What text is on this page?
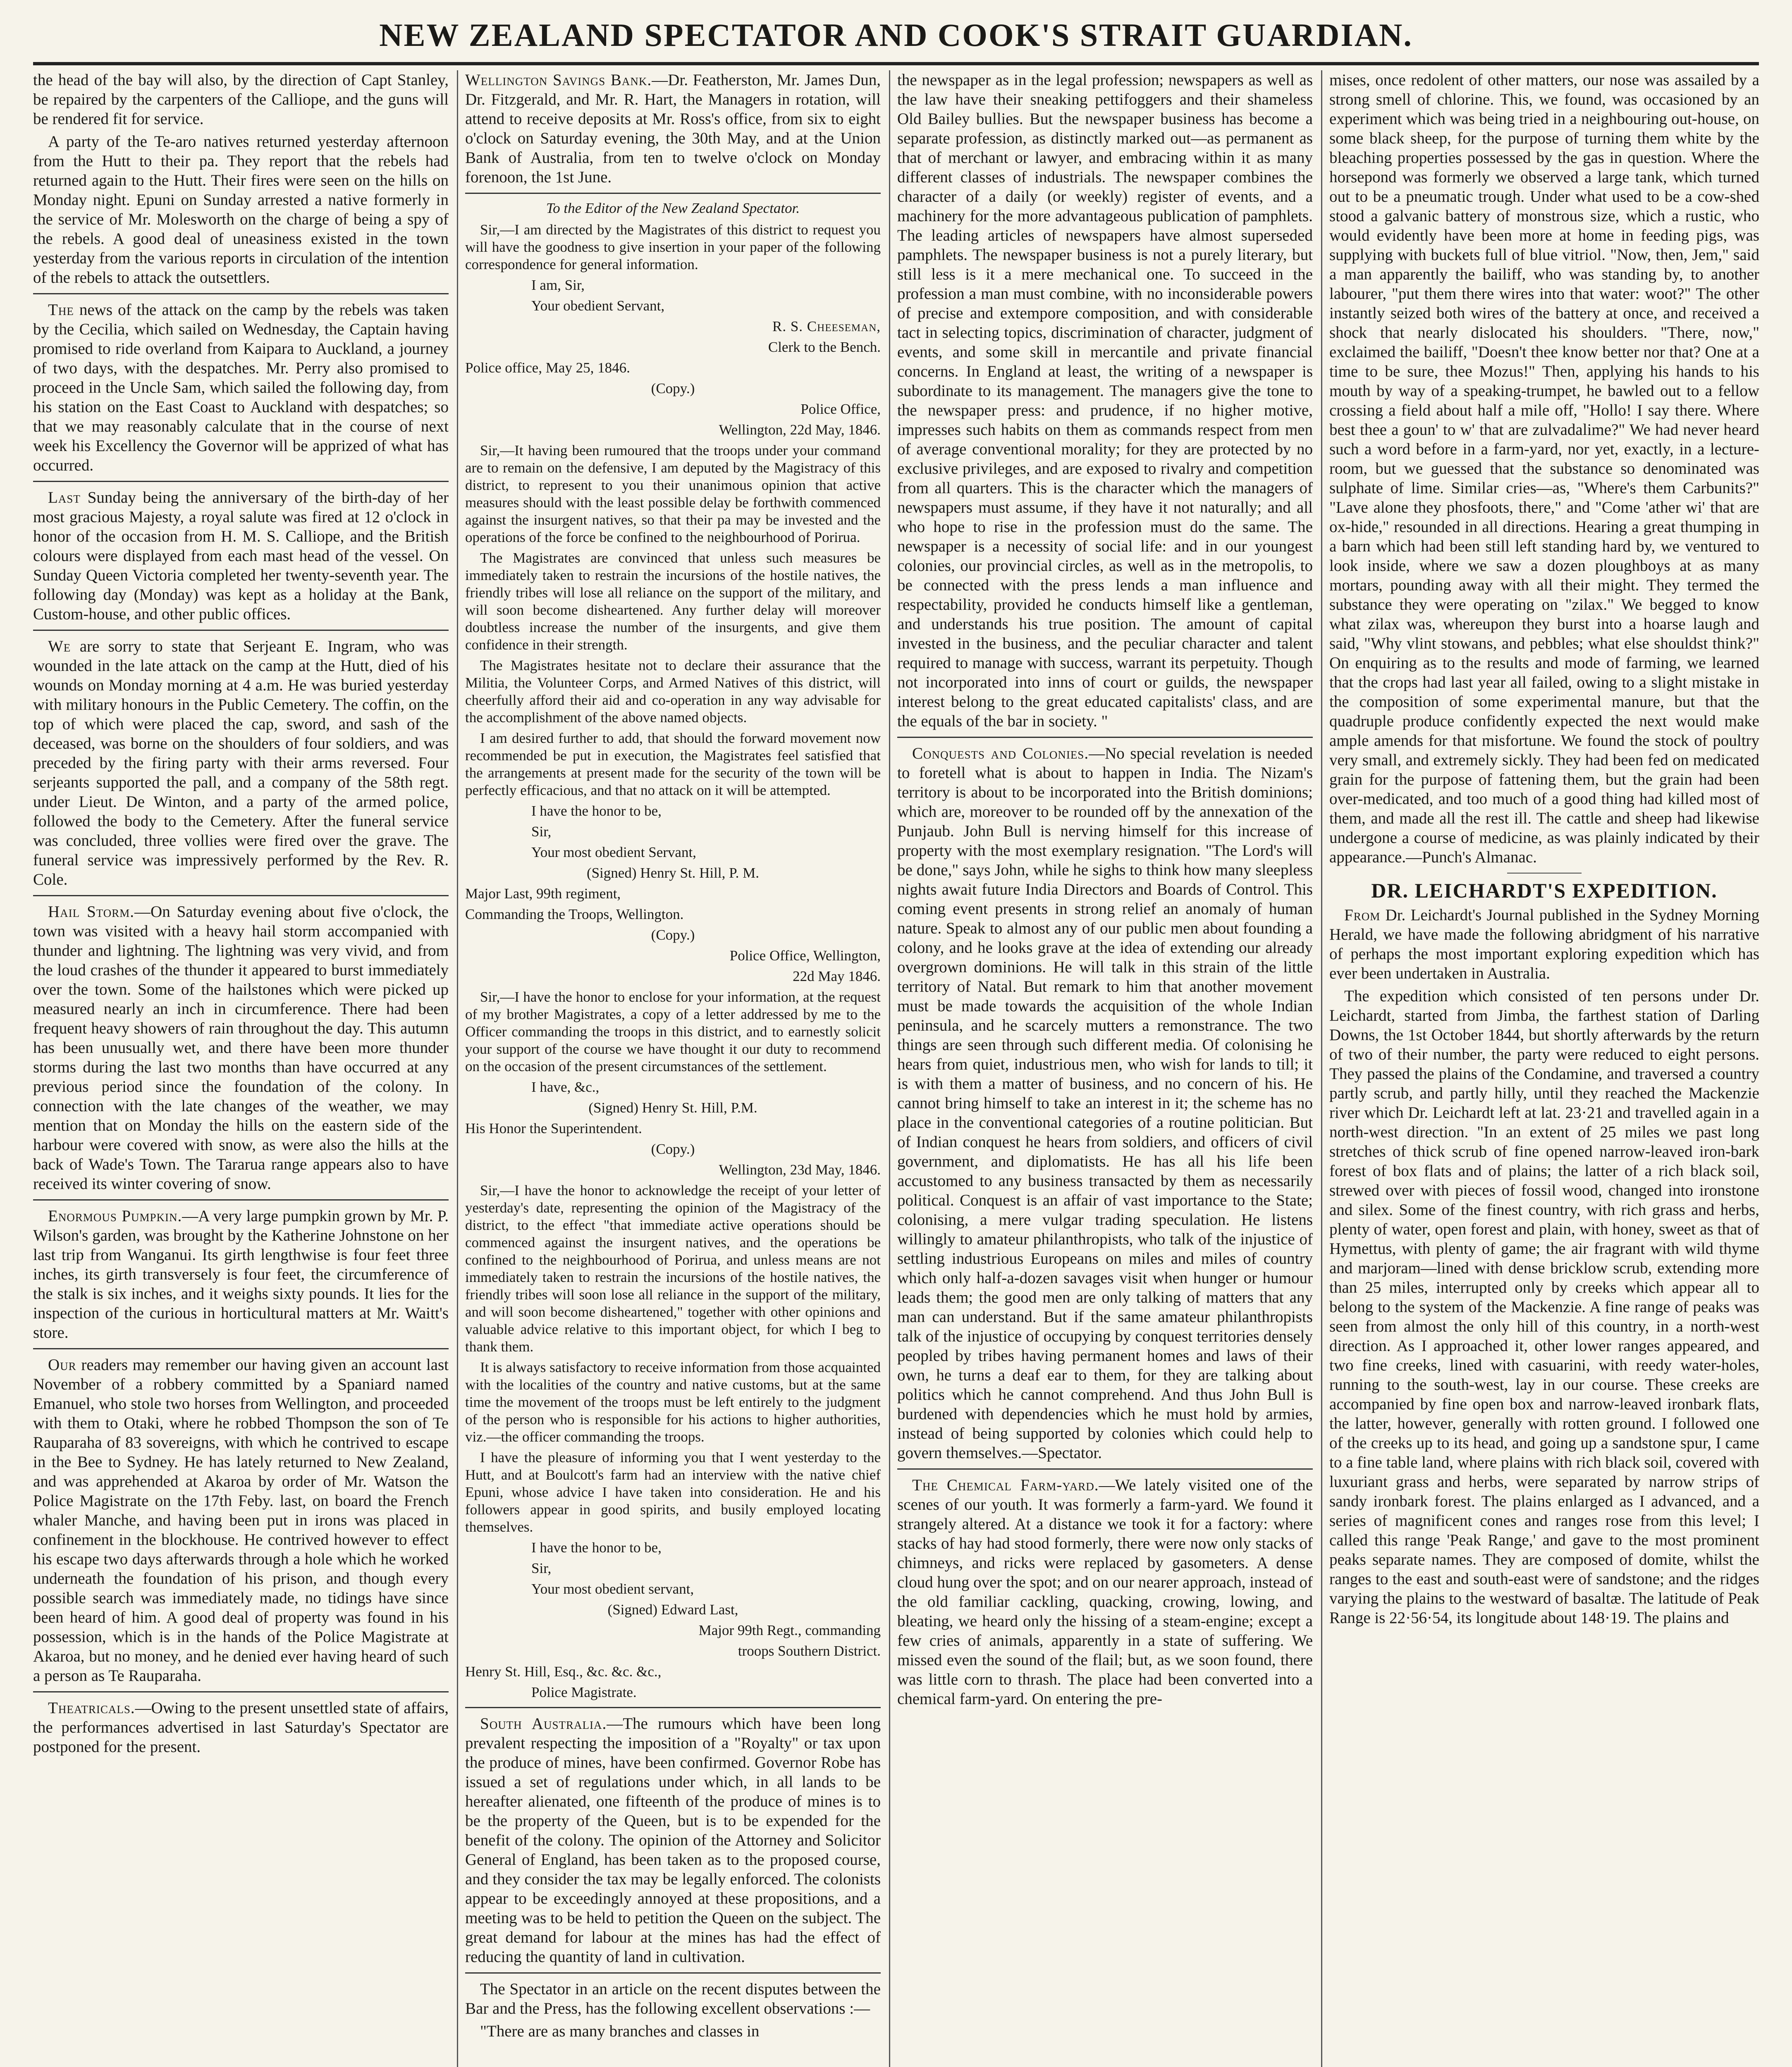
NEW ZEALAND SPECTATOR AND COOK'S STRAIT GUARDIAN.

the head of the bay will also, by the direction of Capt Stanley, be repaired by the carpenters of the Calliope, and the guns will be rendered fit for service.

A party of the Te-aro natives returned yesterday afternoon from the Hutt to their pa. They report that the rebels had returned again to the Hutt. Their fires were seen on the hills on Monday night. Epuni on Sunday arrested a native formerly in the service of Mr. Molesworth on the charge of being a spy of the rebels. A good deal of uneasiness existed in the town yesterday from the various reports in circulation of the intention of the rebels to attack the outsettlers.

The news of the attack on the camp by the rebels was taken by the Cecilia, which sailed on Wednesday, the Captain having promised to ride overland from Kaipara to Auckland, a journey of two days, with the despatches. Mr. Perry also promised to proceed in the Uncle Sam, which sailed the following day, from his station on the East Coast to Auckland with despatches; so that we may reasonably calculate that in the course of next week his Excellency the Governor will be apprized of what has occurred.

Last Sunday being the anniversary of the birth-day of her most gracious Majesty, a royal salute was fired at 12 o'clock in honor of the occasion from H. M. S. Calliope, and the British colours were displayed from each mast head of the vessel. On Sunday Queen Victoria completed her twenty-seventh year. The following day (Monday) was kept as a holiday at the Bank, Custom-house, and other public offices.

We are sorry to state that Serjeant E. Ingram, who was wounded in the late attack on the camp at the Hutt, died of his wounds on Monday morning at 4 a.m. He was buried yesterday with military honours in the Public Cemetery. The coffin, on the top of which were placed the cap, sword, and sash of the deceased, was borne on the shoulders of four soldiers, and was preceded by the firing party with their arms reversed. Four serjeants supported the pall, and a company of the 58th regt. under Lieut. De Winton, and a party of the armed police, followed the body to the Cemetery. After the funeral service was concluded, three vollies were fired over the grave. The funeral service was impressively performed by the Rev. R. Cole.

Hail Storm.—On Saturday evening about five o'clock, the town was visited with a heavy hail storm accompanied with thunder and lightning. The lightning was very vivid, and from the loud crashes of the thunder it appeared to burst immediately over the town. Some of the hailstones which were picked up measured nearly an inch in circumference. There had been frequent heavy showers of rain throughout the day. This autumn has been unusually wet, and there have been more thunder storms during the last two months than have occurred at any previous period since the foundation of the colony. In connection with the late changes of the weather, we may mention that on Monday the hills on the eastern side of the harbour were covered with snow, as were also the hills at the back of Wade's Town. The Tararua range appears also to have received its winter covering of snow.

Enormous Pumpkin.—A very large pumpkin grown by Mr. P. Wilson's garden, was brought by the Katherine Johnstone on her last trip from Wanganui. Its girth lengthwise is four feet three inches, its girth transversely is four feet, the circumference of the stalk is six inches, and it weighs sixty pounds. It lies for the inspection of the curious in horticultural matters at Mr. Waitt's store.

Our readers may remember our having given an account last November of a robbery committed by a Spaniard named Emanuel, who stole two horses from Wellington, and proceeded with them to Otaki, where he robbed Thompson the son of Te Rauparaha of 83 sovereigns, with which he contrived to escape in the Bee to Sydney. He has lately returned to New Zealand, and was apprehended at Akaroa by order of Mr. Watson the Police Magistrate on the 17th Feby. last, on board the French whaler Manche, and having been put in irons was placed in confinement in the blockhouse. He contrived however to effect his escape two days afterwards through a hole which he worked underneath the foundation of his prison, and though every possible search was immediately made, no tidings have since been heard of him. A good deal of property was found in his possession, which is in the hands of the Police Magistrate at Akaroa, but no money, and he denied ever having heard of such a person as Te Rauparaha.

Theatricals.—Owing to the present unsettled state of affairs, the performances advertised in last Saturday's Spectator are postponed for the present.

Wellington Savings Bank.—Dr. Featherston, Mr. James Dun, Dr. Fitzgerald, and Mr. R. Hart, the Managers in rotation, will attend to receive deposits at Mr. Ross's office, from six to eight o'clock on Saturday evening, the 30th May, and at the Union Bank of Australia, from ten to twelve o'clock on Monday forenoon, the 1st June.

To the Editor of the New Zealand Spectator.

Sir,—I am directed by the Magistrates of this district to request you will have the goodness to give insertion in your paper of the following correspondence for general information.

I am, Sir,

Your obedient Servant,

R. S. Cheeseman,

Clerk to the Bench.

Police office, May 25, 1846.

(Copy.)

Police Office,

Wellington, 22d May, 1846.

Sir,—It having been rumoured that the troops under your command are to remain on the defensive, I am deputed by the Magistracy of this district, to represent to you their unanimous opinion that active measures should with the least possible delay be forthwith commenced against the insurgent natives, so that their pa may be invested and the operations of the force be confined to the neighbourhood of Porirua.

The Magistrates are convinced that unless such measures be immediately taken to restrain the incursions of the hostile natives, the friendly tribes will lose all reliance on the support of the military, and will soon become disheartened. Any further delay will moreover doubtless increase the number of the insurgents, and give them confidence in their strength.

The Magistrates hesitate not to declare their assurance that the Militia, the Volunteer Corps, and Armed Natives of this district, will cheerfully afford their aid and co-operation in any way advisable for the accomplishment of the above named objects.

I am desired further to add, that should the forward movement now recommended be put in execution, the Magistrates feel satisfied that the arrangements at present made for the security of the town will be perfectly efficacious, and that no attack on it will be attempted.

I have the honor to be,

Sir,

Your most obedient Servant,

(Signed) Henry St. Hill, P. M.

Major Last, 99th regiment,

Commanding the Troops, Wellington.

(Copy.)

Police Office, Wellington,

22d May 1846.

Sir,—I have the honor to enclose for your information, at the request of my brother Magistrates, a copy of a letter addressed by me to the Officer commanding the troops in this district, and to earnestly solicit your support of the course we have thought it our duty to recommend on the occasion of the present circumstances of the settlement.

I have, &c.,

(Signed) Henry St. Hill, P.M.

His Honor the Superintendent.

(Copy.)

Wellington, 23d May, 1846.

Sir,—I have the honor to acknowledge the receipt of your letter of yesterday's date, representing the opinion of the Magistracy of the district, to the effect "that immediate active operations should be commenced against the insurgent natives, and the operations be confined to the neighbourhood of Porirua, and unless means are not immediately taken to restrain the incursions of the hostile natives, the friendly tribes will soon lose all reliance in the support of the military, and will soon become disheartened," together with other opinions and valuable advice relative to this important object, for which I beg to thank them.

It is always satisfactory to receive information from those acquainted with the localities of the country and native customs, but at the same time the movement of the troops must be left entirely to the judgment of the person who is responsible for his actions to higher authorities, viz.—the officer commanding the troops.

I have the pleasure of informing you that I went yesterday to the Hutt, and at Boulcott's farm had an interview with the native chief Epuni, whose advice I have taken into consideration. He and his followers appear in good spirits, and busily employed locating themselves.

I have the honor to be,

Sir,

Your most obedient servant,

(Signed) Edward Last,

Major 99th Regt., commanding

troops Southern District.

Henry St. Hill, Esq., &c. &c. &c.,

Police Magistrate.

South Australia.—The rumours which have been long prevalent respecting the imposition of a "Royalty" or tax upon the produce of mines, have been confirmed. Governor Robe has issued a set of regulations under which, in all lands to be hereafter alienated, one fifteenth of the produce of mines is to be the property of the Queen, but is to be expended for the benefit of the colony. The opinion of the Attorney and Solicitor General of England, has been taken as to the proposed course, and they consider the tax may be legally enforced. The colonists appear to be exceedingly annoyed at these propositions, and a meeting was to be held to petition the Queen on the subject. The great demand for labour at the mines has had the effect of reducing the quantity of land in cultivation.

The Spectator in an article on the recent disputes between the Bar and the Press, has the following excellent observations :—

"There are as many branches and classes in

the newspaper as in the legal profession; newspapers as well as the law have their sneaking pettifoggers and their shameless Old Bailey bullies. But the newspaper business has become a separate profession, as distinctly marked out—as permanent as that of merchant or lawyer, and embracing within it as many different classes of industrials. The newspaper combines the character of a daily (or weekly) register of events, and a machinery for the more advantageous publication of pamphlets. The leading articles of newspapers have almost superseded pamphlets. The newspaper business is not a purely literary, but still less is it a mere mechanical one. To succeed in the profession a man must combine, with no inconsiderable powers of precise and extempore composition, and with considerable tact in selecting topics, discrimination of character, judgment of events, and some skill in mercantile and private financial concerns. In England at least, the writing of a newspaper is subordinate to its management. The managers give the tone to the newspaper press: and prudence, if no higher motive, impresses such habits on them as commands respect from men of average conventional morality; for they are protected by no exclusive privileges, and are exposed to rivalry and competition from all quarters. This is the character which the managers of newspapers must assume, if they have it not naturally; and all who hope to rise in the profession must do the same. The newspaper is a necessity of social life: and in our youngest colonies, our provincial circles, as well as in the metropolis, to be connected with the press lends a man influence and respectability, provided he conducts himself like a gentleman, and understands his true position. The amount of capital invested in the business, and the peculiar character and talent required to manage with success, warrant its perpetuity. Though not incorporated into inns of court or guilds, the newspaper interest belong to the great educated capitalists' class, and are the equals of the bar in society. "

Conquests and Colonies.—No special revelation is needed to foretell what is about to happen in India. The Nizam's territory is about to be incorporated into the British dominions; which are, moreover to be rounded off by the annexation of the Punjaub. John Bull is nerving himself for this increase of property with the most exemplary resignation. "The Lord's will be done," says John, while he sighs to think how many sleepless nights await future India Directors and Boards of Control. This coming event presents in strong relief an anomaly of human nature. Speak to almost any of our public men about founding a colony, and he looks grave at the idea of extending our already overgrown dominions. He will talk in this strain of the little territory of Natal. But remark to him that another movement must be made towards the acquisition of the whole Indian peninsula, and he scarcely mutters a remonstrance. The two things are seen through such different media. Of colonising he hears from quiet, industrious men, who wish for lands to till; it is with them a matter of business, and no concern of his. He cannot bring himself to take an interest in it; the scheme has no place in the conventional categories of a routine politician. But of Indian conquest he hears from soldiers, and officers of civil government, and diplomatists. He has all his life been accustomed to any business transacted by them as necessarily political. Conquest is an affair of vast importance to the State; colonising, a mere vulgar trading speculation. He listens willingly to amateur philanthropists, who talk of the injustice of settling industrious Europeans on miles and miles of country which only half-a-dozen savages visit when hunger or humour leads them; the good men are only talking of matters that any man can understand. But if the same amateur philanthropists talk of the injustice of occupying by conquest territories densely peopled by tribes having permanent homes and laws of their own, he turns a deaf ear to them, for they are talking about politics which he cannot comprehend. And thus John Bull is burdened with dependencies which he must hold by armies, instead of being supported by colonies which could help to govern themselves.—Spectator.

The Chemical Farm-yard.—We lately visited one of the scenes of our youth. It was formerly a farm-yard. We found it strangely altered. At a distance we took it for a factory: where stacks of hay had stood formerly, there were now only stacks of chimneys, and ricks were replaced by gasometers. A dense cloud hung over the spot; and on our nearer approach, instead of the old familiar cackling, quacking, crowing, lowing, and bleating, we heard only the hissing of a steam-engine; except a few cries of animals, apparently in a state of suffering. We missed even the sound of the flail; but, as we soon found, there was little corn to thrash. The place had been converted into a chemical farm-yard. On entering the pre-

mises, once redolent of other matters, our nose was assailed by a strong smell of chlorine. This, we found, was occasioned by an experiment which was being tried in a neighbouring out-house, on some black sheep, for the purpose of turning them white by the bleaching properties possessed by the gas in question. Where the horsepond was formerly we observed a large tank, which turned out to be a pneumatic trough. Under what used to be a cow-shed stood a galvanic battery of monstrous size, which a rustic, who would evidently have been more at home in feeding pigs, was supplying with buckets full of blue vitriol. "Now, then, Jem," said a man apparently the bailiff, who was standing by, to another labourer, "put them there wires into that water: woot?" The other instantly seized both wires of the battery at once, and received a shock that nearly dislocated his shoulders. "There, now," exclaimed the bailiff, "Doesn't thee know better nor that? One at a time to be sure, thee Mozus!" Then, applying his hands to his mouth by way of a speaking-trumpet, he bawled out to a fellow crossing a field about half a mile off, "Hollo! I say there. Where best thee a goun' to w' that are zulvadalime?" We had never heard such a word before in a farm-yard, nor yet, exactly, in a lecture-room, but we guessed that the substance so denominated was sulphate of lime. Similar cries—as, "Where's them Carbunits?" "Lave alone they phosfoots, there," and "Come 'ather wi' that are ox-hide," resounded in all directions. Hearing a great thumping in a barn which had been still left standing hard by, we ventured to look inside, where we saw a dozen ploughboys at as many mortars, pounding away with all their might. They termed the substance they were operating on "zilax." We begged to know what zilax was, whereupon they burst into a hoarse laugh and said, "Why vlint stowans, and pebbles; what else shouldst think?" On enquiring as to the results and mode of farming, we learned that the crops had last year all failed, owing to a slight mistake in the composition of some experimental manure, but that the quadruple produce confidently expected the next would make ample amends for that misfortune. We found the stock of poultry very small, and extremely sickly. They had been fed on medicated grain for the purpose of fattening them, but the grain had been over-medicated, and too much of a good thing had killed most of them, and made all the rest ill. The cattle and sheep had likewise undergone a course of medicine, as was plainly indicated by their appearance.—Punch's Almanac.

DR. LEICHARDT'S EXPEDITION.

From Dr. Leichardt's Journal published in the Sydney Morning Herald, we have made the following abridgment of his narrative of perhaps the most important exploring expedition which has ever been undertaken in Australia.

The expedition which consisted of ten persons under Dr. Leichardt, started from Jimba, the farthest station of Darling Downs, the 1st October 1844, but shortly afterwards by the return of two of their number, the party were reduced to eight persons. They passed the plains of the Condamine, and traversed a country partly scrub, and partly hilly, until they reached the Mackenzie river which Dr. Leichardt left at lat. 23·21 and travelled again in a north-west direction. "In an extent of 25 miles we past long stretches of thick scrub of fine opened narrow-leaved iron-bark forest of box flats and of plains; the latter of a rich black soil, strewed over with pieces of fossil wood, changed into ironstone and silex. Some of the finest country, with rich grass and herbs, plenty of water, open forest and plain, with honey, sweet as that of Hymettus, with plenty of game; the air fragrant with wild thyme and marjoram—lined with dense bricklow scrub, extending more than 25 miles, interrupted only by creeks which appear all to belong to the system of the Mackenzie. A fine range of peaks was seen from almost the only hill of this country, in a north-west direction. As I approached it, other lower ranges appeared, and two fine creeks, lined with casuarini, with reedy water-holes, running to the south-west, lay in our course. These creeks are accompanied by fine open box and narrow-leaved ironbark flats, the latter, however, generally with rotten ground. I followed one of the creeks up to its head, and going up a sandstone spur, I came to a fine table land, where plains with rich black soil, covered with luxuriant grass and herbs, were separated by narrow strips of sandy ironbark forest. The plains enlarged as I advanced, and a series of magnificent cones and ranges rose from this level; I called this range 'Peak Range,' and gave to the most prominent peaks separate names. They are composed of domite, whilst the ranges to the east and south-east were of sandstone; and the ridges varying the plains to the westward of basaltæ. The latitude of Peak Range is 22·56·54, its longitude about 148·19. The plains and
